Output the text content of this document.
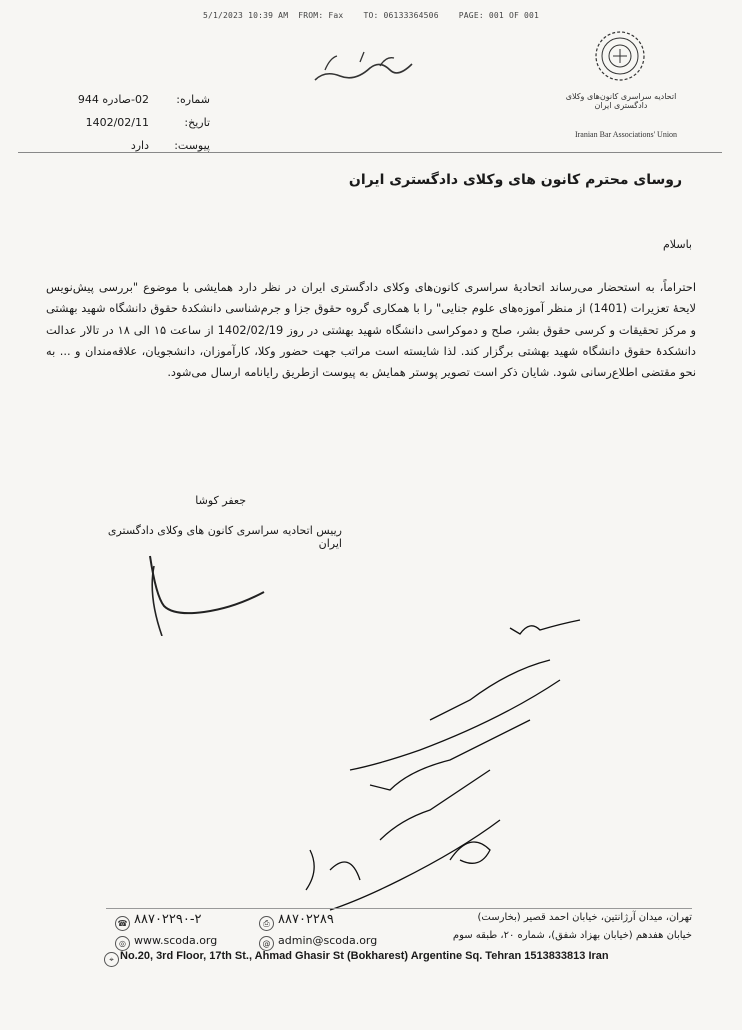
5/1/2023 10:39 AM  FROM: Fax    TO: 06133364506    PAGE: 001 OF 001
اتحادیه سراسری کانون‌های وکلای دادگستری ایران
Iranian Bar Associations' Union
شماره:
02-صادره 944
تاریخ:
1402/02/11
پیوست:
دارد
روسای محترم کانون های وکلای دادگستری ایران
باسلام
احتراماً، به استحضار می‌رساند اتحادیهٔ سراسری کانون‌های وکلای دادگستری ایران در نظر دارد همایشی با موضوع "بررسی پیش‌نویس لایحهٔ تعزیرات (1401) از منظر آموزه‌های علوم جنایی" را با همکاری گروه حقوق جزا و جرم‌شناسی دانشکدهٔ حقوق دانشگاه شهید بهشتی و مرکز تحقیقات و کرسی حقوق بشر، صلح و دموکراسی دانشگاه شهید بهشتی در روز 1402/02/19 از ساعت ۱۵ الی ۱۸ در تالار عدالت دانشکدهٔ حقوق دانشگاه شهید بهشتی برگزار کند. لذا شایسته است مراتب جهت حضور وکلا، کارآموزان، دانشجویان، علاقه‌مندان و ... به نحو مقتضی اطلاع‌رسانی شود. شایان ذکر است تصویر پوستر همایش به پیوست ازطریق رایانامه ارسال می‌شود.
جعفر کوشا
رییس اتحادیه سراسری کانون های وکلای دادگستری ایران
☎ ۸۸۷۰۲۲۹۰-۲	⎙ ۸۸۷۰۲۲۸۹
◎ www.scoda.org	@ admin@scoda.org
تهران، میدان آرژانتین، خیابان احمد قصیر (بخارست)
خیابان هفدهم (خیابان بهزاد شفق)، شماره ۲۰، طبقه سوم
⌖ No.20, 3rd Floor, 17th St., Ahmad Ghasir St (Bokharest) Argentine Sq. Tehran 1513833813 Iran
